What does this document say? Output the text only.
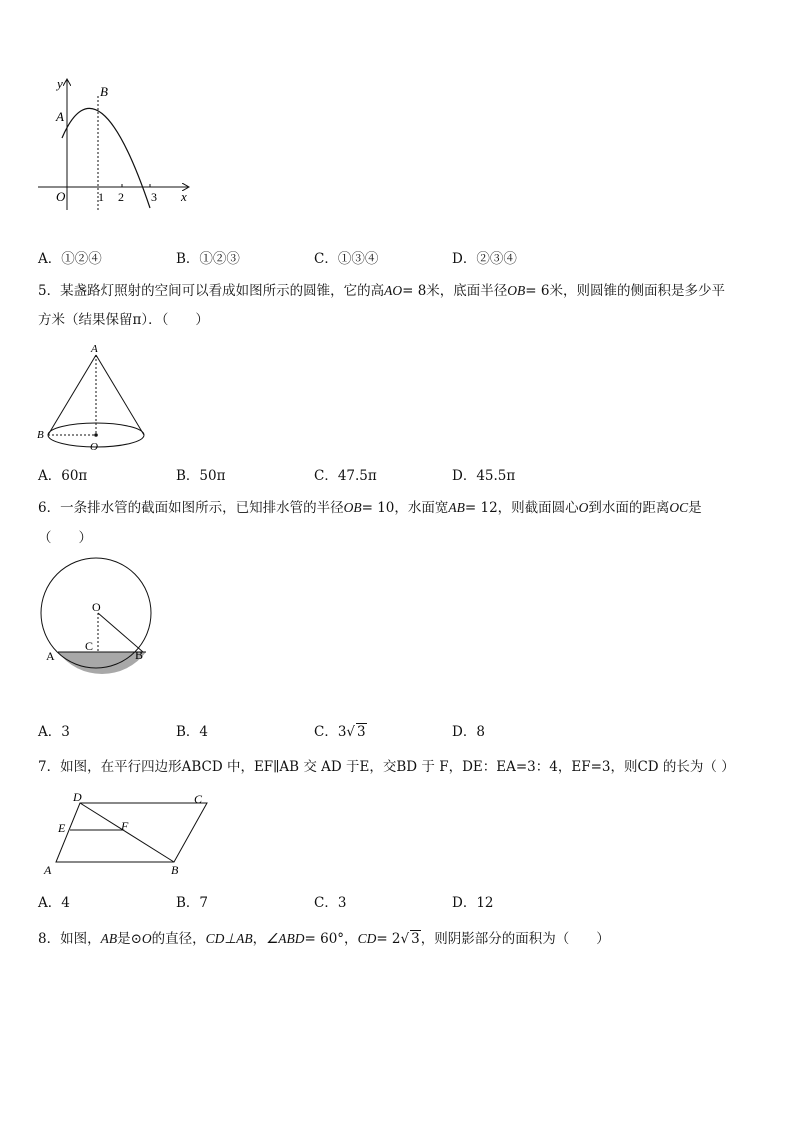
y
x
B
A
O	1 2 3
A．①②④	B．①②③	C．①③④	D．②③④
5．某盏路灯照射的空间可以看成如图所示的圆锥，它的高AO= 8米，底面半径OB= 6米，则圆锥的侧面积是多少平
方米（结果保留π）．（　　）
A
B
O
A．60π	B．50π	C．47.5π	D．45.5π
6．一条排水管的截面如图所示，已知排水管的半径OB= 10，水面宽AB= 12，则截面圆心O到水面的距离OC是
（　　）
O
C
A	B
A．3	B．4	C．3√ 3	D．8
7．如图，在平行四边形ABCD 中，EF∥AB 交 AD 于E，交BD 于 F，DE：EA=3：4，EF=3，则CD 的长为（ ）
D	C
E	F
A	B
A．4	B．7	C．3	D．12
8．如图，AB是⊙O的直径，CD⊥AB，∠ABD= 60°，CD= 2√ 3，则阴影部分的面积为（　　）
